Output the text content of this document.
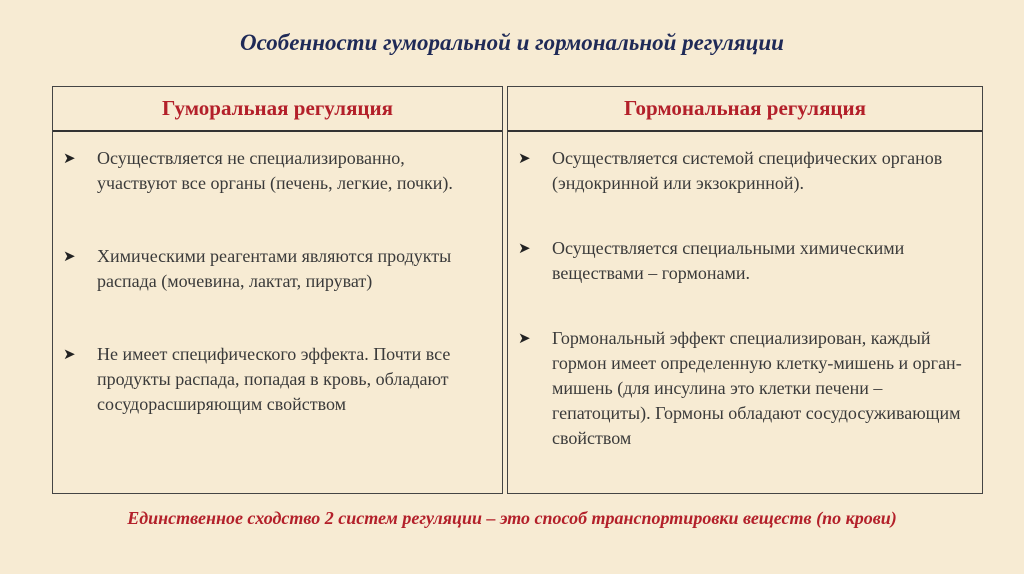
Особенности гуморальной и гормональной регуляции
Гуморальная регуляция
➤	Осуществляется не специализированно, участвуют все органы (печень, легкие, почки).
➤	Химическими реагентами являются продукты распада (мочевина, лактат, пируват)
➤	Не имеет специфического эффекта. Почти все продукты распада, попадая в кровь, обладают сосудорасширяющим свойством
Гормональная регуляция
➤	Осуществляется системой специфических органов (эндокринной или экзокринной).
➤	Осуществляется специальными химическими веществами – гормонами.
➤	Гормональный эффект специализирован, каждый гормон имеет определенную клетку-мишень и орган-мишень (для инсулина это клетки печени – гепатоциты). Гормоны обладают сосудосуживающим свойством
Единственное сходство 2 систем регуляции – это способ транспортировки веществ (по крови)
